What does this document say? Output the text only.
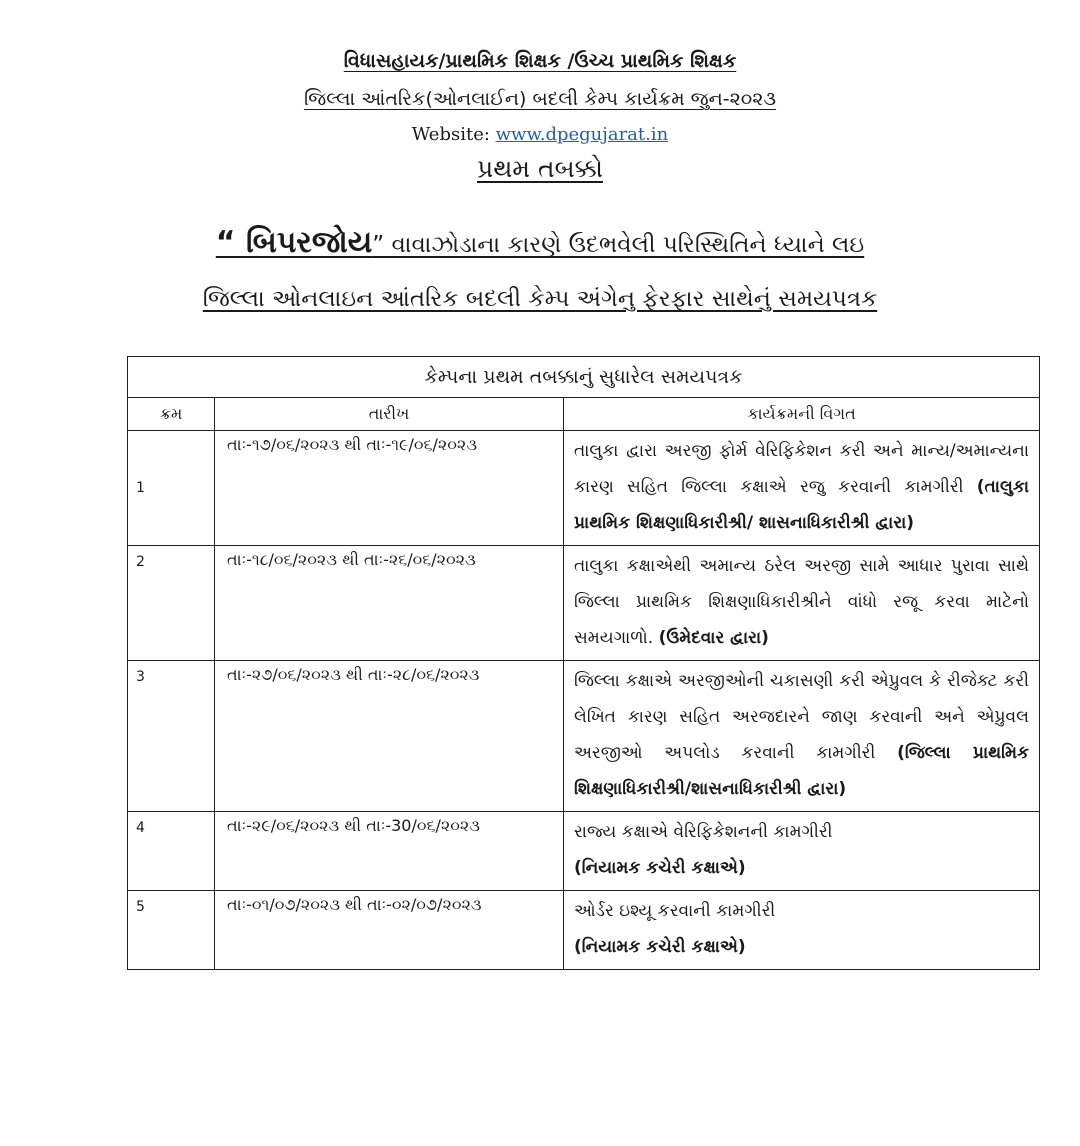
વિધાસહાયક/પ્રાથમિક શિક્ષક /ઉચ્ચ પ્રાથમિક શિક્ષક
જિલ્લા આંતરિક(ઓનલાઈન) બદલી કેમ્પ કાર્યક્રમ જુન-૨૦૨૩
Website: www.dpegujarat.in
પ્રથમ તબક્કો
“ બિપરજોય” વાવાઝોડાના કારણે ઉદભવેલી પરિસ્થિતિને ધ્યાને લઇ
જિલ્લા ઓનલાઇન આંતરિક બદલી કેમ્પ અંગેનુ ફેરફાર સાથેનું સમયપત્રક
કેમ્પના પ્રથમ તબક્કાનું સુધારેલ સમયપત્રક		
ક્રમ	તારીખ	કાર્યક્રમની વિગત
1	તાઃ-૧૭/૦૬/૨૦૨૩ થી તાઃ-૧૯/૦૬/૨૦૨૩	તાલુકા દ્વારા અરજી ફોર્મ વેરિફિકેશન કરી અને માન્ય/અમાન્યના કારણ સહિત જિલ્લા કક્ષાએ રજુ કરવાની કામગીરી (તાલુકા પ્રાથમિક શિક્ષણાધિકારીશ્રી/ શાસનાધિકારીશ્રી દ્વારા)
2	તાઃ-૧૮/૦૬/૨૦૨૩ થી તાઃ-૨૬/૦૬/૨૦૨૩	તાલુકા કક્ષાએથી અમાન્ય ઠરેલ અરજી સામે આધાર પુરાવા સાથે જિલ્લા પ્રાથમિક શિક્ષણાધિકારીશ્રીને વાંધો રજૂ કરવા માટેનો સમયગાળો. (ઉમેદવાર દ્વારા)
3	તાઃ-૨૭/૦૬/૨૦૨૩ થી તાઃ-૨૮/૦૬/૨૦૨૩	જિલ્લા કક્ષાએ અરજીઓની ચકાસણી કરી એપ્રુવલ કે રીજેક્ટ કરી લેખિત કારણ સહિત અરજદારને જાણ કરવાની અને એપ્રુવલ અરજીઓ અપલોડ કરવાની કામગીરી (જિલ્લા પ્રાથમિક શિક્ષણાધિકારીશ્રી/શાસનાધિકારીશ્રી દ્વારા)
4	તાઃ-૨૯/૦૬/૨૦૨૩ થી તાઃ-30/૦૬/૨૦૨૩	રાજ્ય કક્ષાએ વેરિફિકેશનની કામગીરી
(નિયામક કચેરી કક્ષાએ)
5	તાઃ-૦૧/૦૭/૨૦૨૩ થી તાઃ-૦૨/૦૭/૨૦૨૩	ઓર્ડર ઇશ્યૂ કરવાની કામગીરી
(નિયામક કચેરી કક્ષાએ)
